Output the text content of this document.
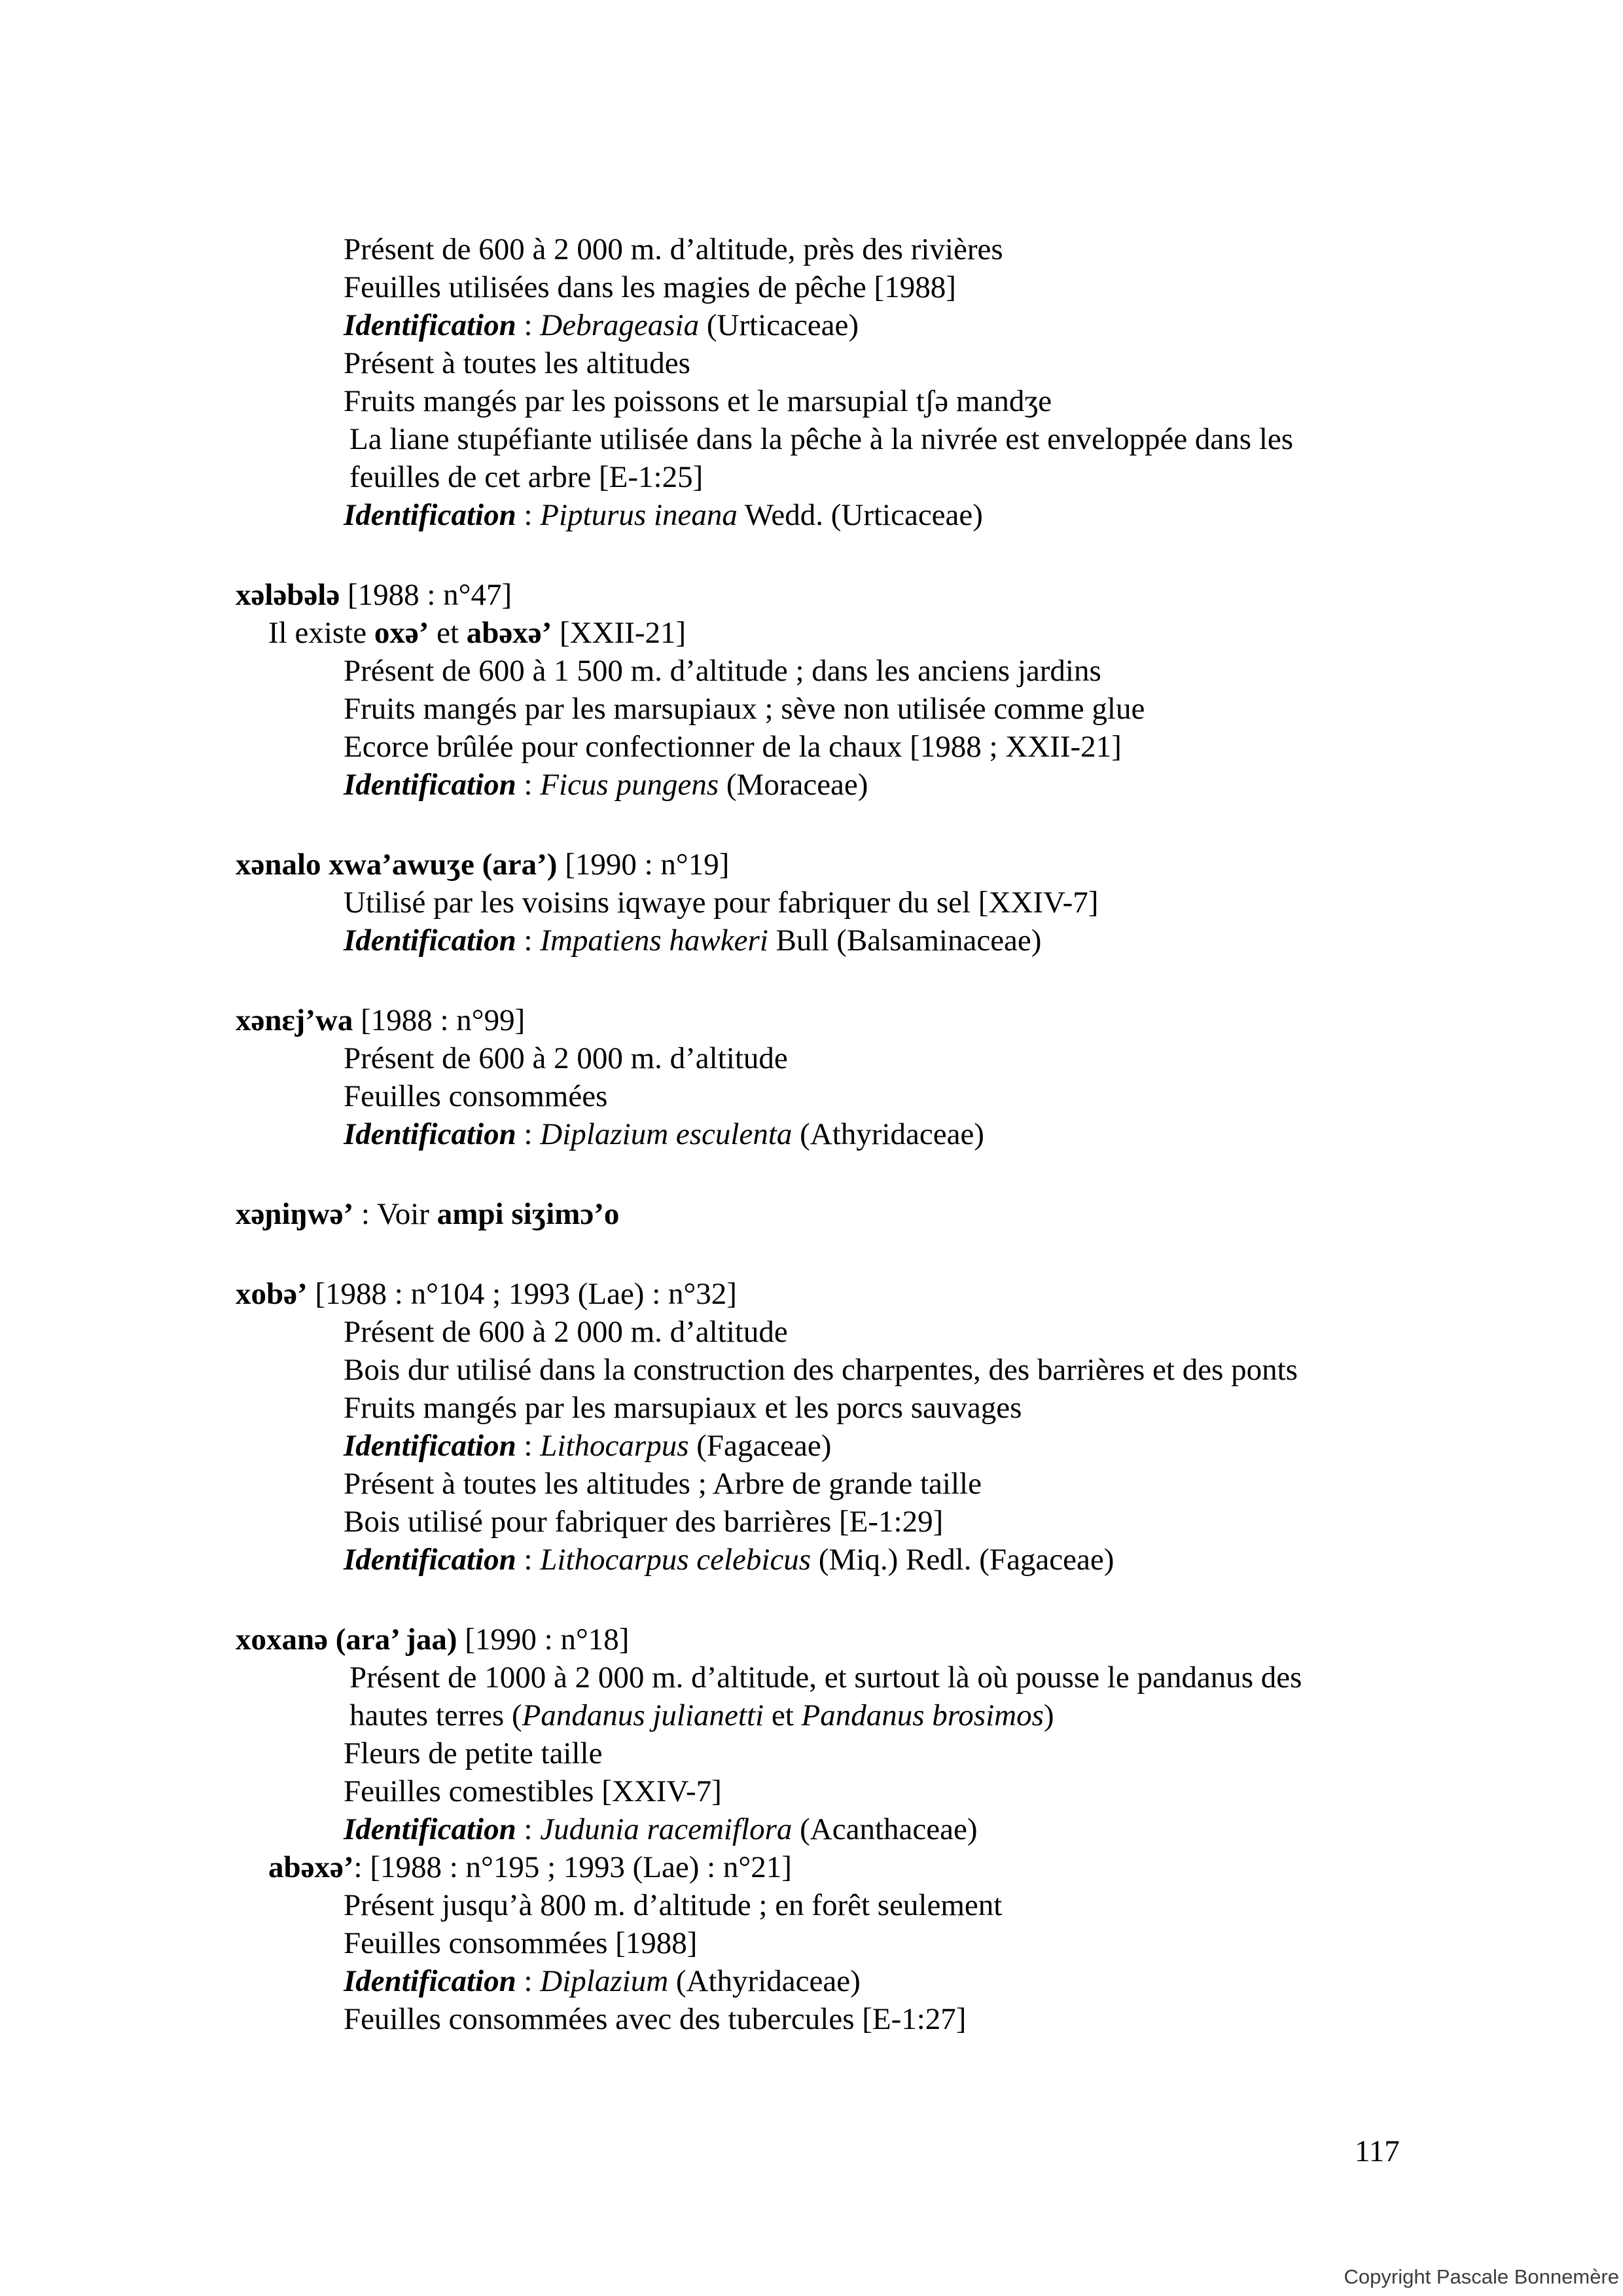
Présent de 600 à 2 000 m. d’altitude, près des rivières
Feuilles utilisées dans les magies de pêche [1988]
Identification : Debrageasia (Urticaceae)
Présent à toutes les altitudes
Fruits mangés par les poissons et le marsupial tʃə mandʒe
La liane stupéfiante utilisée dans la pêche à la nivrée est enveloppée dans les
feuilles de cet arbre [E-1:25]
Identification : Pipturus ineana Wedd. (Urticaceae)
xələbələ [1988 : n°47]
Il existe oxə’ et abəxə’ [XXII-21]
Présent de 600 à 1 500 m. d’altitude ; dans les anciens jardins
Fruits mangés par les marsupiaux ; sève non utilisée comme glue
Ecorce brûlée pour confectionner de la chaux [1988 ; XXII-21]
Identification : Ficus pungens (Moraceae)
xənalo xwa’awuʒe (ara’) [1990 : n°19]
Utilisé par les voisins iqwaye pour fabriquer du sel [XXIV-7]
Identification : Impatiens hawkeri Bull (Balsaminaceae)
xənɛj’wa [1988 : n°99]
Présent de 600 à 2 000 m. d’altitude
Feuilles consommées
Identification : Diplazium esculenta (Athyridaceae)
xəɲiŋwə’ : Voir ampi siʒimɔ’o
xobə’ [1988 : n°104 ; 1993 (Lae) : n°32]
Présent de 600 à 2 000 m. d’altitude
Bois dur utilisé dans la construction des charpentes, des barrières et des ponts
Fruits mangés par les marsupiaux et les porcs sauvages
Identification : Lithocarpus (Fagaceae)
Présent à toutes les altitudes ; Arbre de grande taille
Bois utilisé pour fabriquer des barrières [E-1:29]
Identification : Lithocarpus celebicus (Miq.) Redl. (Fagaceae)
xoxanə (ara’ jaa) [1990 : n°18]
Présent de 1000 à 2 000 m. d’altitude, et surtout là où pousse le pandanus des
hautes terres (Pandanus julianetti et Pandanus brosimos)
Fleurs de petite taille
Feuilles comestibles [XXIV-7]
Identification : Judunia racemiflora (Acanthaceae)
abəxə’: [1988 : n°195 ; 1993 (Lae) : n°21]
Présent jusqu’à 800 m. d’altitude ; en forêt seulement
Feuilles consommées [1988]
Identification : Diplazium (Athyridaceae)
Feuilles consommées avec des tubercules [E-1:27]
117
Copyright Pascale Bonnemère
